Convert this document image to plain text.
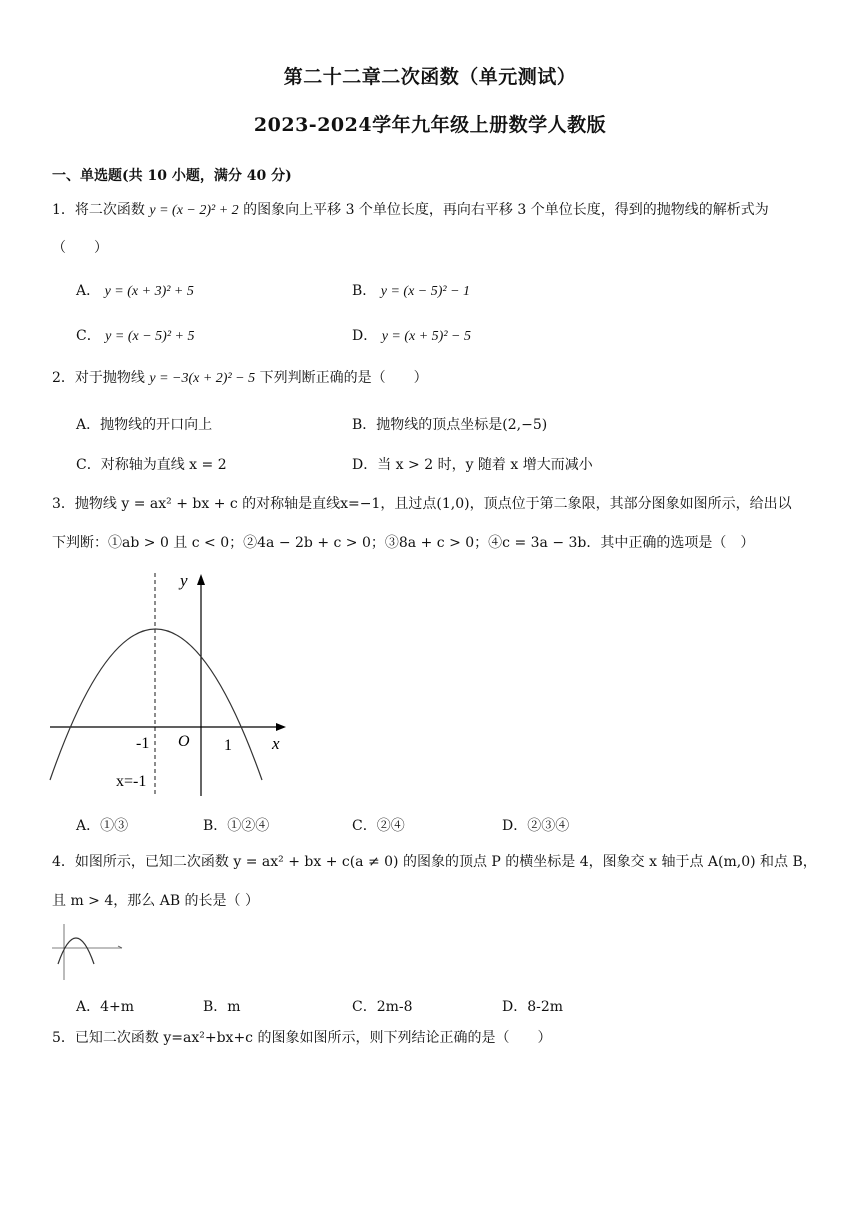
第二十二章二次函数（单元测试）
2023-2024学年九年级上册数学人教版
一、单选题(共 10 小题，满分 40 分)
1．将二次函数 y = (x − 2)² + 2 的图象向上平移 3 个单位长度，再向右平移 3 个单位长度，得到的抛物线的解析式为
（　　）
A． y = (x + 3)² + 5	B． y = (x − 5)² − 1
C． y = (x − 5)² + 5	D． y = (x + 5)² − 5
2．对于抛物线 y = −3(x + 2)² − 5 下列判断正确的是（　　）
A．抛物线的开口向上	B．抛物线的顶点坐标是(2,−5)
C．对称轴为直线 x = 2	D．当 x > 2 时，y 随着 x 增大而减小
3．抛物线 y = ax² + bx + c 的对称轴是直线x=−1，且过点(1,0)，顶点位于第二象限，其部分图象如图所示，给出以
下判断：①ab > 0 且 c < 0；②4a − 2b + c > 0；③8a + c > 0；④c = 3a − 3b．其中正确的选项是（　）
y
x
O
-1	1
x=-1
A．①③	B．①②④	C．②④	D．②③④
4．如图所示，已知二次函数 y = ax² + bx + c(a ≠ 0) 的图象的顶点 P 的横坐标是 4，图象交 x 轴于点 A(m,0) 和点 B，
且 m > 4，那么 AB 的长是（ ）
A．4+m	B．m	C．2m-8	D．8-2m
5．已知二次函数 y=ax²+bx+c 的图象如图所示，则下列结论正确的是（　　）
